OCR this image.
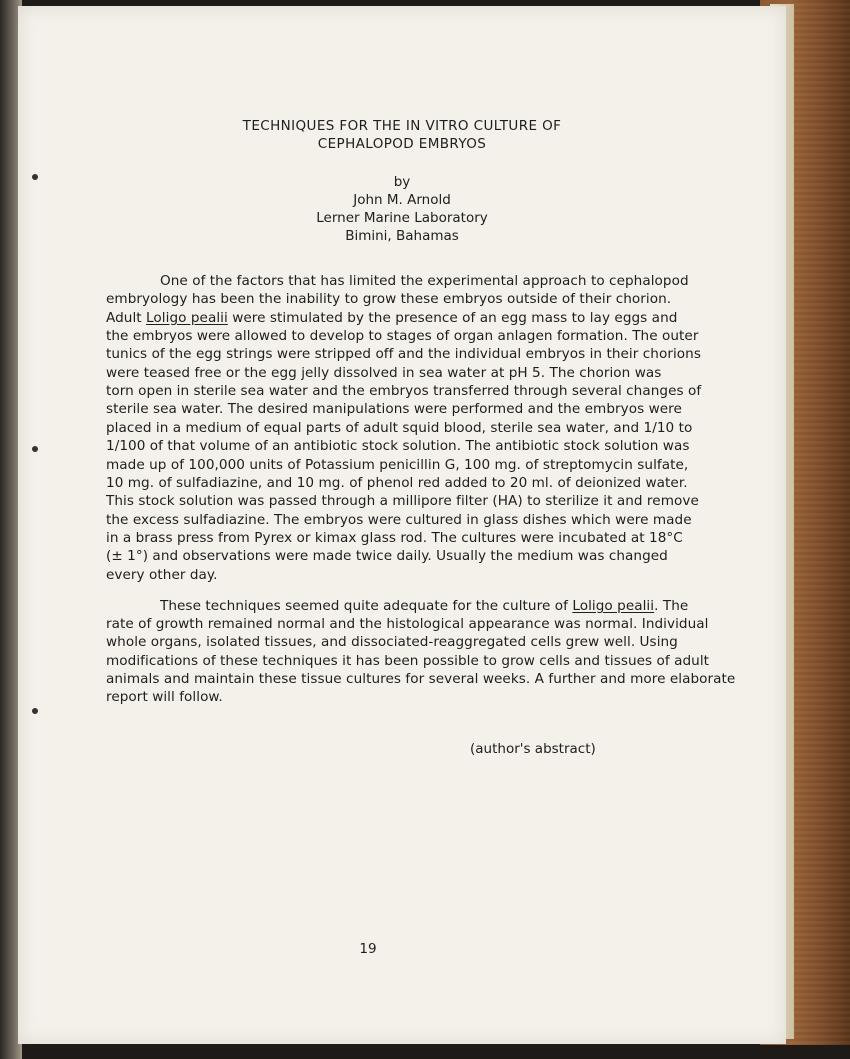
TECHNIQUES FOR THE IN VITRO CULTURE OF
CEPHALOPOD EMBRYOS
by
John M. Arnold
Lerner Marine Laboratory
Bimini, Bahamas
One of the factors that has limited the experimental approach to cephalopod
embryology has been the inability to grow these embryos outside of their chorion.
Adult Loligo pealii were stimulated by the presence of an egg mass to lay eggs and
the embryos were allowed to develop to stages of organ anlagen formation. The outer
tunics of the egg strings were stripped off and the individual embryos in their chorions
were teased free or the egg jelly dissolved in sea water at pH 5. The chorion was
torn open in sterile sea water and the embryos transferred through several changes of
sterile sea water. The desired manipulations were performed and the embryos were
placed in a medium of equal parts of adult squid blood, sterile sea water, and 1/10 to
1/100 of that volume of an antibiotic stock solution. The antibiotic stock solution was
made up of 100,000 units of Potassium penicillin G, 100 mg. of streptomycin sulfate,
10 mg. of sulfadiazine, and 10 mg. of phenol red added to 20 ml. of deionized water.
This stock solution was passed through a millipore filter (HA) to sterilize it and remove
the excess sulfadiazine. The embryos were cultured in glass dishes which were made
in a brass press from Pyrex or kimax glass rod. The cultures were incubated at 18°C
(± 1°) and observations were made twice daily. Usually the medium was changed
every other day.
These techniques seemed quite adequate for the culture of Loligo pealii. The
rate of growth remained normal and the histological appearance was normal. Individual
whole organs, isolated tissues, and dissociated-reaggregated cells grew well. Using
modifications of these techniques it has been possible to grow cells and tissues of adult
animals and maintain these tissue cultures for several weeks. A further and more elaborate
report will follow.
(author's abstract)
19
